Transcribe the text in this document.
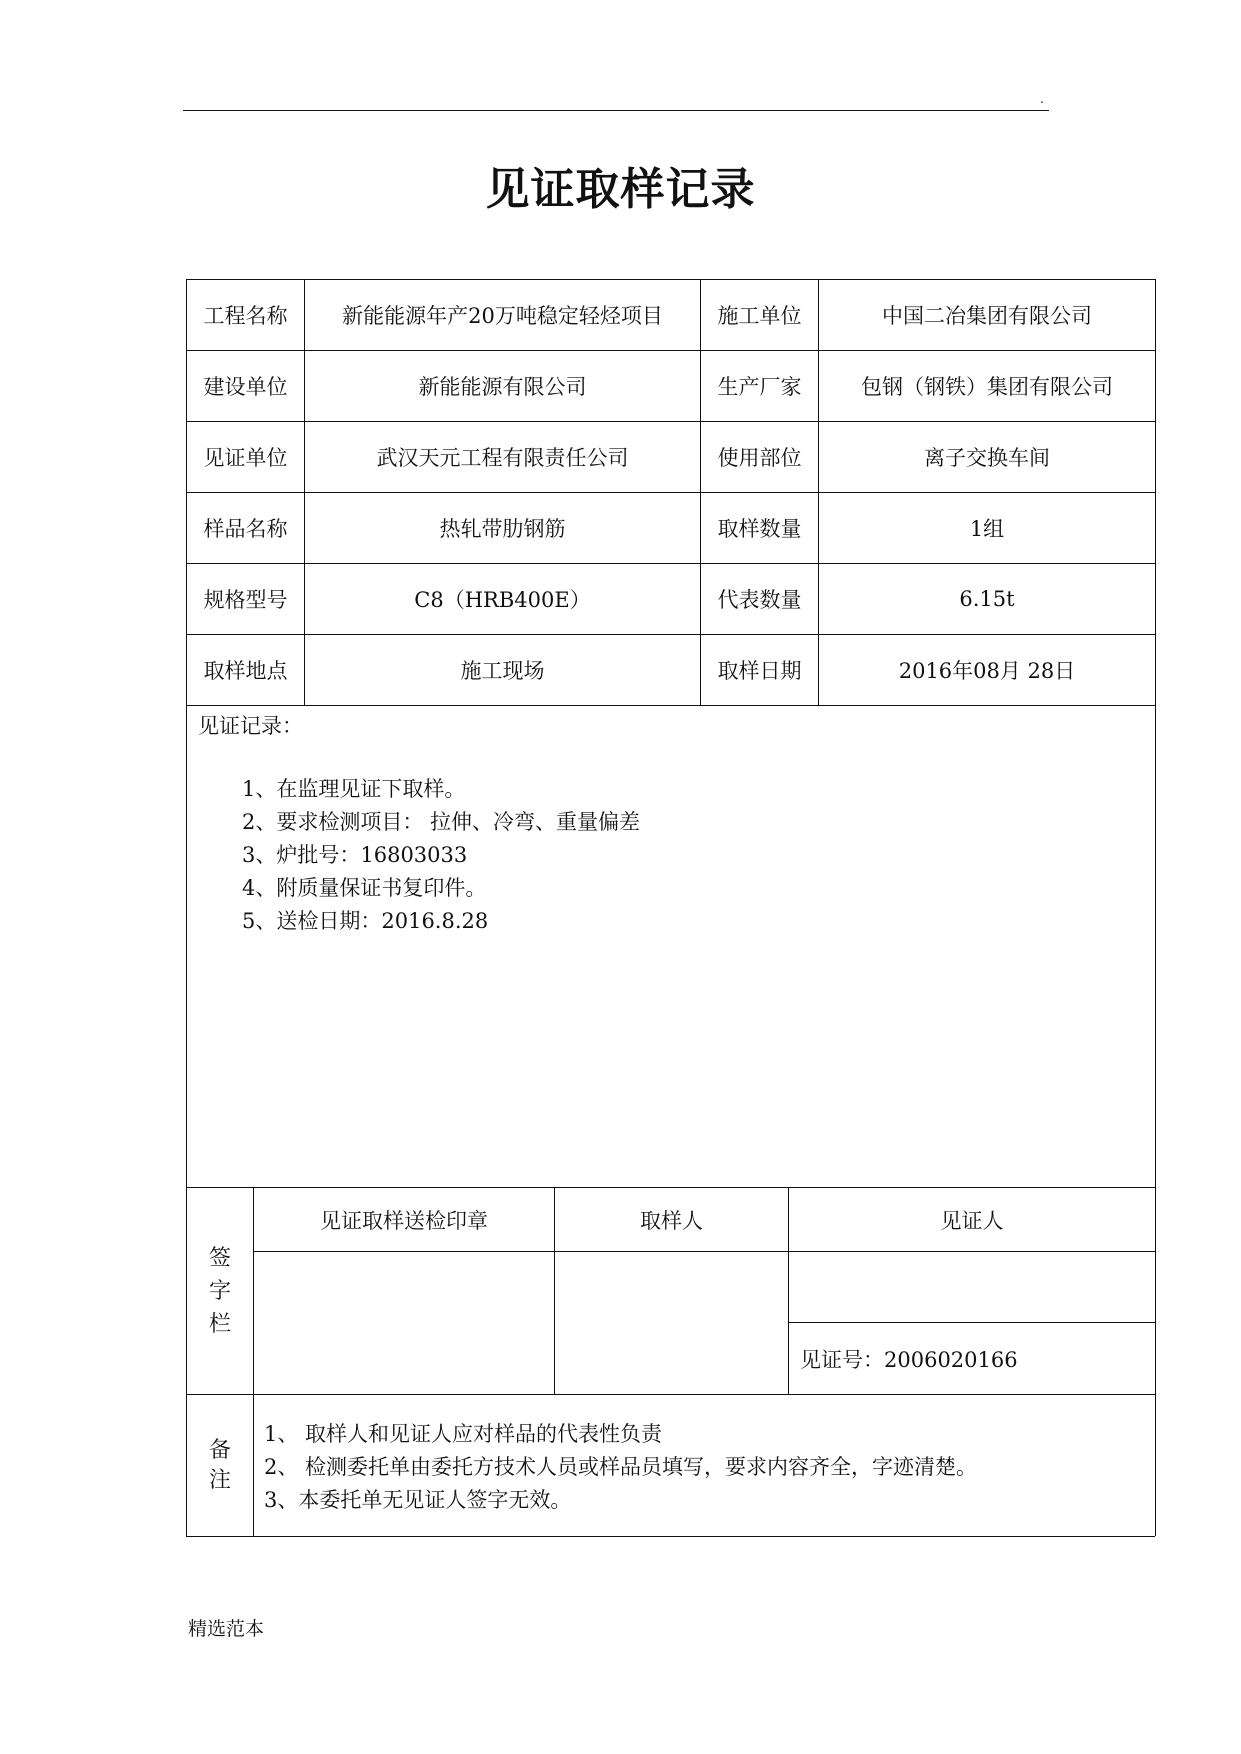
.
见证取样记录
工程名称	新能能源年产20万吨稳定轻烃项目	施工单位	中国二冶集团有限公司
建设单位	新能能源有限公司	生产厂家	包钢（钢铁）集团有限公司
见证单位	武汉天元工程有限责任公司	使用部位	离子交换车间
样品名称	热轧带肋钢筋	取样数量	1组
规格型号	C8（HRB400E）	代表数量	6.15t
取样地点	施工现场	取样日期	2016年08月 28日
见证记录：
1、在监理见证下取样。
2、要求检测项目： 拉伸、冷弯、重量偏差
3、炉批号：16803033
4、附质量保证书复印件。
5、送检日期：2016.8.28
签
字
栏
见证取样送检印章	取样人	见证人
见证号：2006020166
备
注
1、 取样人和见证人应对样品的代表性负责
2、 检测委托单由委托方技术人员或样品员填写，要求内容齐全，字迹清楚。
3、本委托单无见证人签字无效。
精选范本
